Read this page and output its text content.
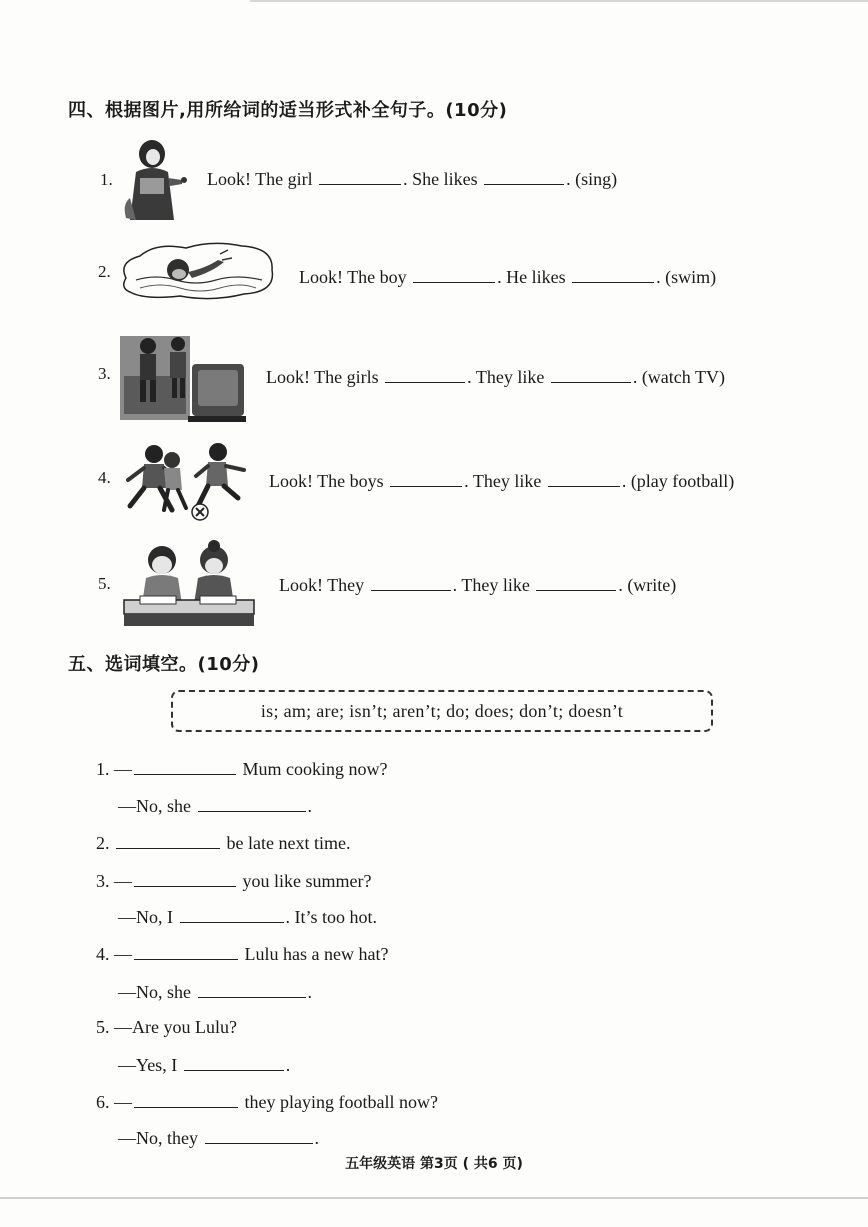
四、根据图片,用所给词的适当形式补全句子。(10分)
1.	Look! The girl	. She likes	. (sing)
2.	Look! The boy	. He likes	. (swim)
3.	Look! The girls	. They like	. (watch TV)
4.	Look! The boys	. They like	. (play football)
5.	Look! They	. They like	. (write)
五、选词填空。(10分)
is; am; are; isn’t; aren’t; do; does; don’t; doesn’t
1. —	Mum cooking now?
—No, she	.
2.	be late next time.
3. —	you like summer?
—No, I	. It’s too hot.
4. —	Lulu has a new hat?
—No, she	.
5. —Are you Lulu?
—Yes, I	.
6. —	they playing football now?
—No, they	.
五年级英语 第3页 ( 共6 页)
